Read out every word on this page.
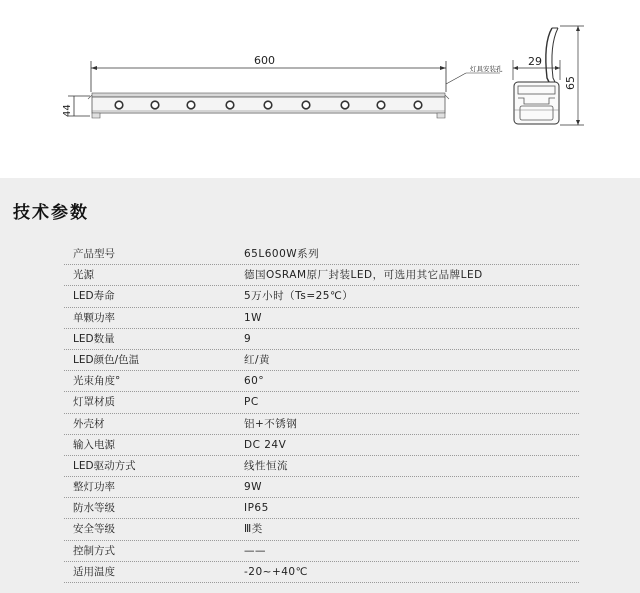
600
44
灯具安装孔
29
65
技术参数
产品型号	65L600W系列
光源	德国OSRAM原厂封装LED，可选用其它品牌LED
LED寿命	5万小时（Ts=25℃）
单颗功率	1W
LED数量	9
LED颜色/色温	红/黄
光束角度°	60°
灯罩材质	PC
外壳材	铝+不锈钢
输入电源	DC 24V
LED驱动方式	线性恒流
整灯功率	9W
防水等级	IP65
安全等级	Ⅲ类
控制方式	——
适用温度	-20~+40℃
